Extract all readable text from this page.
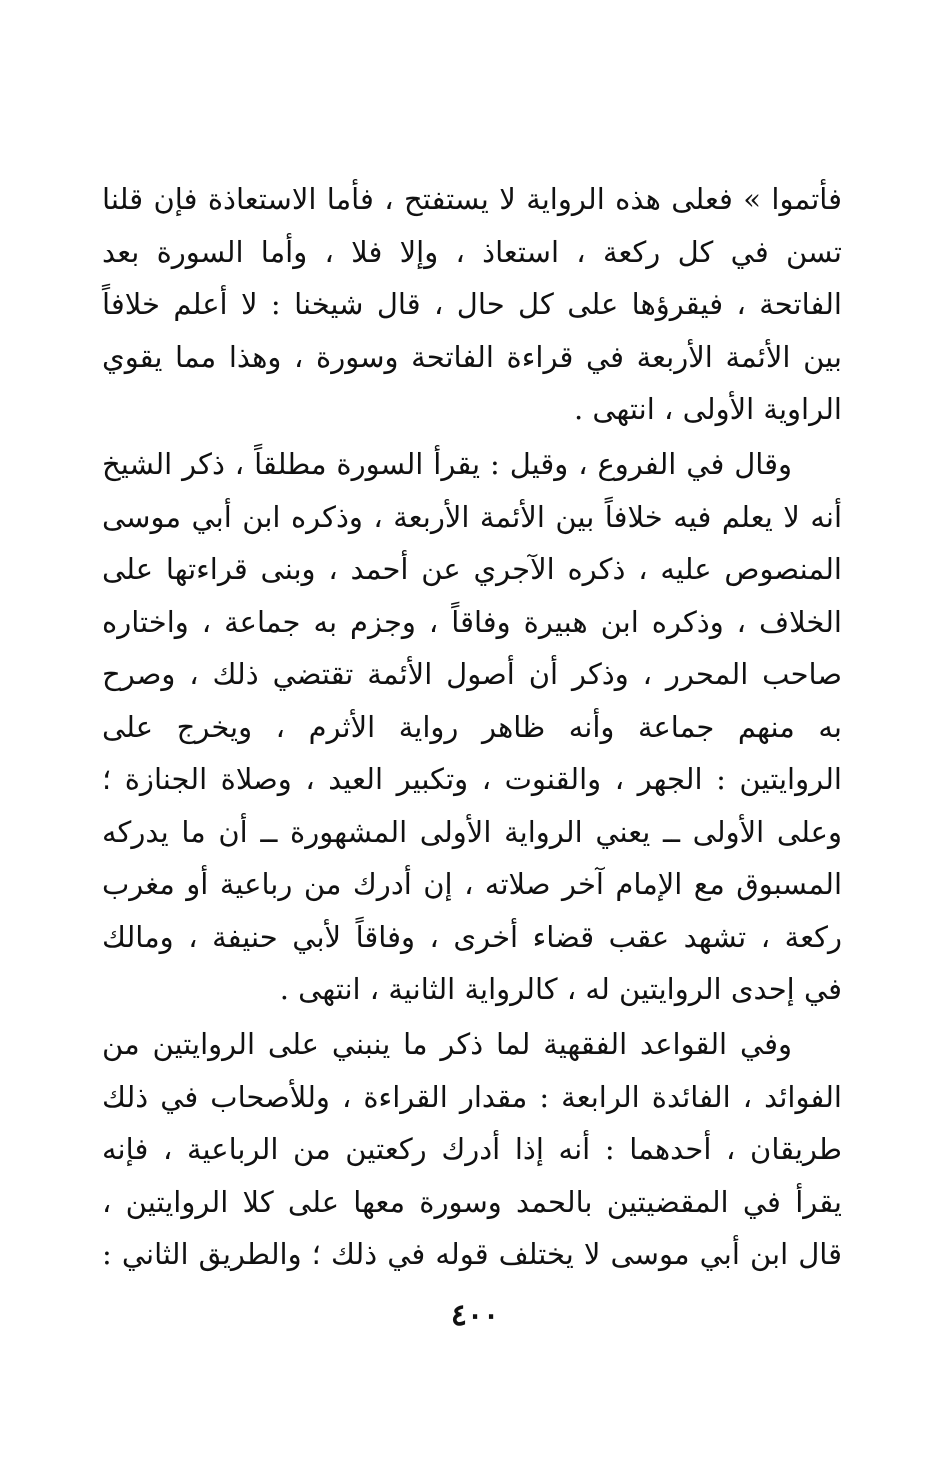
فأتموا » فعلى هذه الرواية لا يستفتح ، فأما الاستعاذة فإن قلنا
تسن في كل ركعة ، استعاذ ، وإلا فلا ، وأما السورة بعد
الفاتحة ، فيقرؤها على كل حال ، قال شيخنا : لا أعلم خلافاً
بين الأئمة الأربعة في قراءة الفاتحة وسورة ، وهذا مما يقوي
الراوية الأولى ، انتهى .
وقال في الفروع ، وقيل : يقرأ السورة مطلقاً ، ذكر الشيخ
أنه لا يعلم فيه خلافاً بين الأئمة الأربعة ، وذكره ابن أبي موسى
المنصوص عليه ، ذكره الآجري عن أحمد ، وبنى قراءتها على
الخلاف ، وذكره ابن هبيرة وفاقاً ، وجزم به جماعة ، واختاره
صاحب المحرر ، وذكر أن أصول الأئمة تقتضي ذلك ، وصرح
به منهم جماعة وأنه ظاهر رواية الأثرم ، ويخرج على
الروايتين : الجهر ، والقنوت ، وتكبير العيد ، وصلاة الجنازة ؛
وعلى الأولى ــ يعني الرواية الأولى المشهورة ــ أن ما يدركه
المسبوق مع الإمام آخر صلاته ، إن أدرك من رباعية أو مغرب
ركعة ، تشهد عقب قضاء أخرى ، وفاقاً لأبي حنيفة ، ومالك
في إحدى الروايتين له ، كالرواية الثانية ، انتهى .
وفي القواعد الفقهية لما ذكر ما ينبني على الروايتين من
الفوائد ، الفائدة الرابعة : مقدار القراءة ، وللأصحاب في ذلك
طريقان ، أحدهما : أنه إذا أدرك ركعتين من الرباعية ، فإنه
يقرأ في المقضيتين بالحمد وسورة معها على كلا الروايتين ،
قال ابن أبي موسى لا يختلف قوله في ذلك ؛ والطريق الثاني :
٤٠٠
